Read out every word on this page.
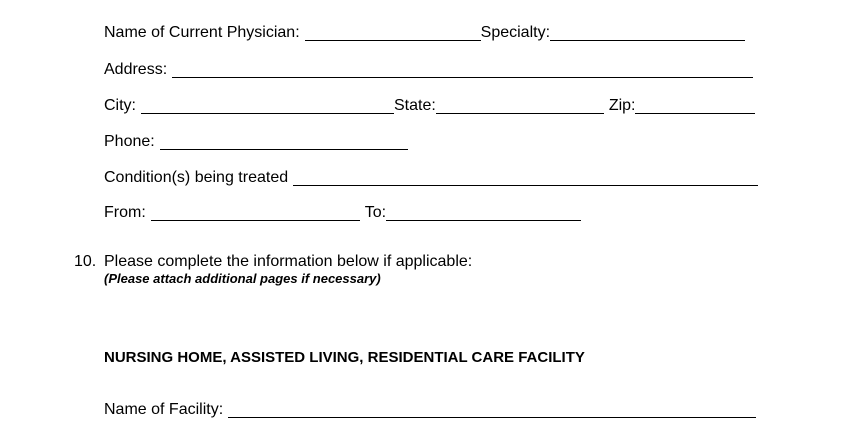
Name of Current Physician:	Specialty:
Address:
City:	State:	Zip:
Phone:
Condition(s) being treated
From:	To:
10. Please complete the information below if applicable:
(Please attach additional pages if necessary)
NURSING HOME, ASSISTED LIVING, RESIDENTIAL CARE FACILITY
Name of Facility:
